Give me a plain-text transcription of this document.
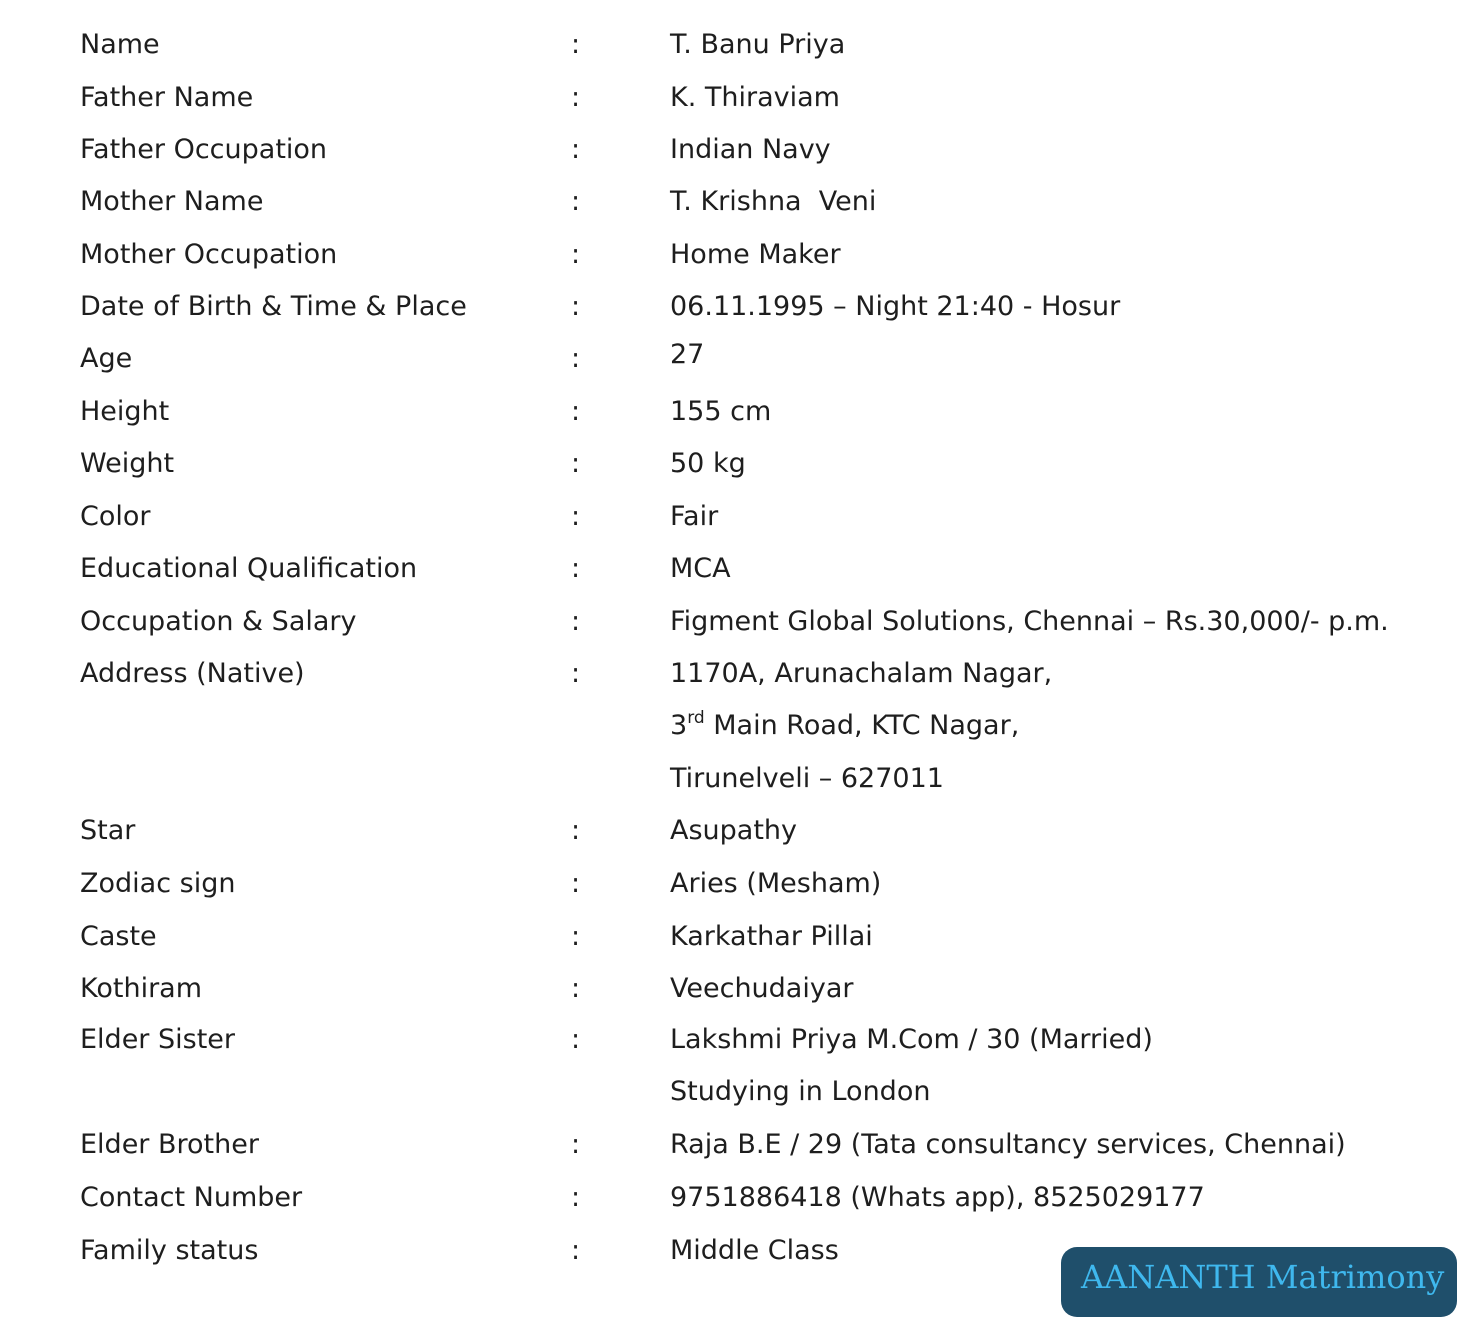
Name	:	T. Banu Priya
Father Name	:	K. Thiraviam
Father Occupation	:	Indian Navy
Mother Name	:	T. Krishna  Veni
Mother Occupation	:	Home Maker
Date of Birth & Time & Place	:	06.11.1995 – Night 21:40 - Hosur
Age	:	27
Height	:	155 cm
Weight	:	50 kg
Color	:	Fair
Educational Qualification	:	MCA
Occupation & Salary	:	Figment Global Solutions, Chennai – Rs.30,000/- p.m.
Address (Native)	:	1170A, Arunachalam Nagar,
3rd Main Road, KTC Nagar,
Tirunelveli – 627011
Star	:	Asupathy
Zodiac sign	:	Aries (Mesham)
Caste	:	Karkathar Pillai
Kothiram	:	Veechudaiyar
Elder Sister	:	Lakshmi Priya M.Com / 30 (Married)
Studying in London
Elder Brother	:	Raja B.E / 29 (Tata consultancy services, Chennai)
Contact Number	:	9751886418 (Whats app), 8525029177
Family status	:	Middle Class
AANANTH Matrimony
